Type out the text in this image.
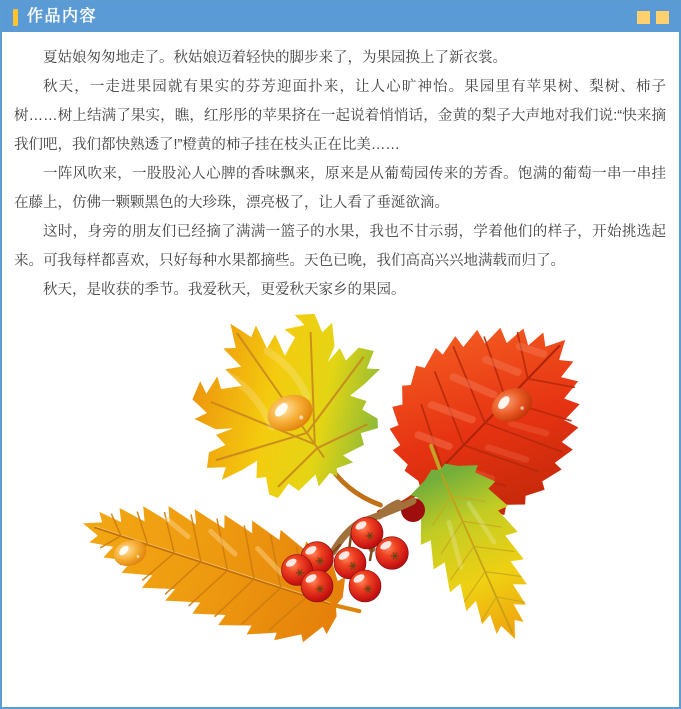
作品内容

夏姑娘匆匆地走了。秋姑娘迈着轻快的脚步来了，为果园换上了新衣裳。

秋天，一走进果园就有果实的芬芳迎面扑来，让人心旷神怡。果园里有苹果树、梨树、柿子树……树上结满了果实，瞧，红彤彤的苹果挤在一起说着悄悄话，金黄的梨子大声地对我们说:“快来摘我们吧，我们都快熟透了!”橙黄的柿子挂在枝头正在比美……

一阵风吹来，一股股沁人心脾的香味飘来，原来是从葡萄园传来的芳香。饱满的葡萄一串一串挂在藤上，仿佛一颗颗黑色的大珍珠，漂亮极了，让人看了垂涎欲滴。

这时，身旁的朋友们已经摘了满满一篮子的水果，我也不甘示弱，学着他们的样子，开始挑选起来。可我每样都喜欢，只好每种水果都摘些。天色已晚，我们高高兴兴地满载而归了。

秋天，是收获的季节。我爱秋天，更爱秋天家乡的果园。
